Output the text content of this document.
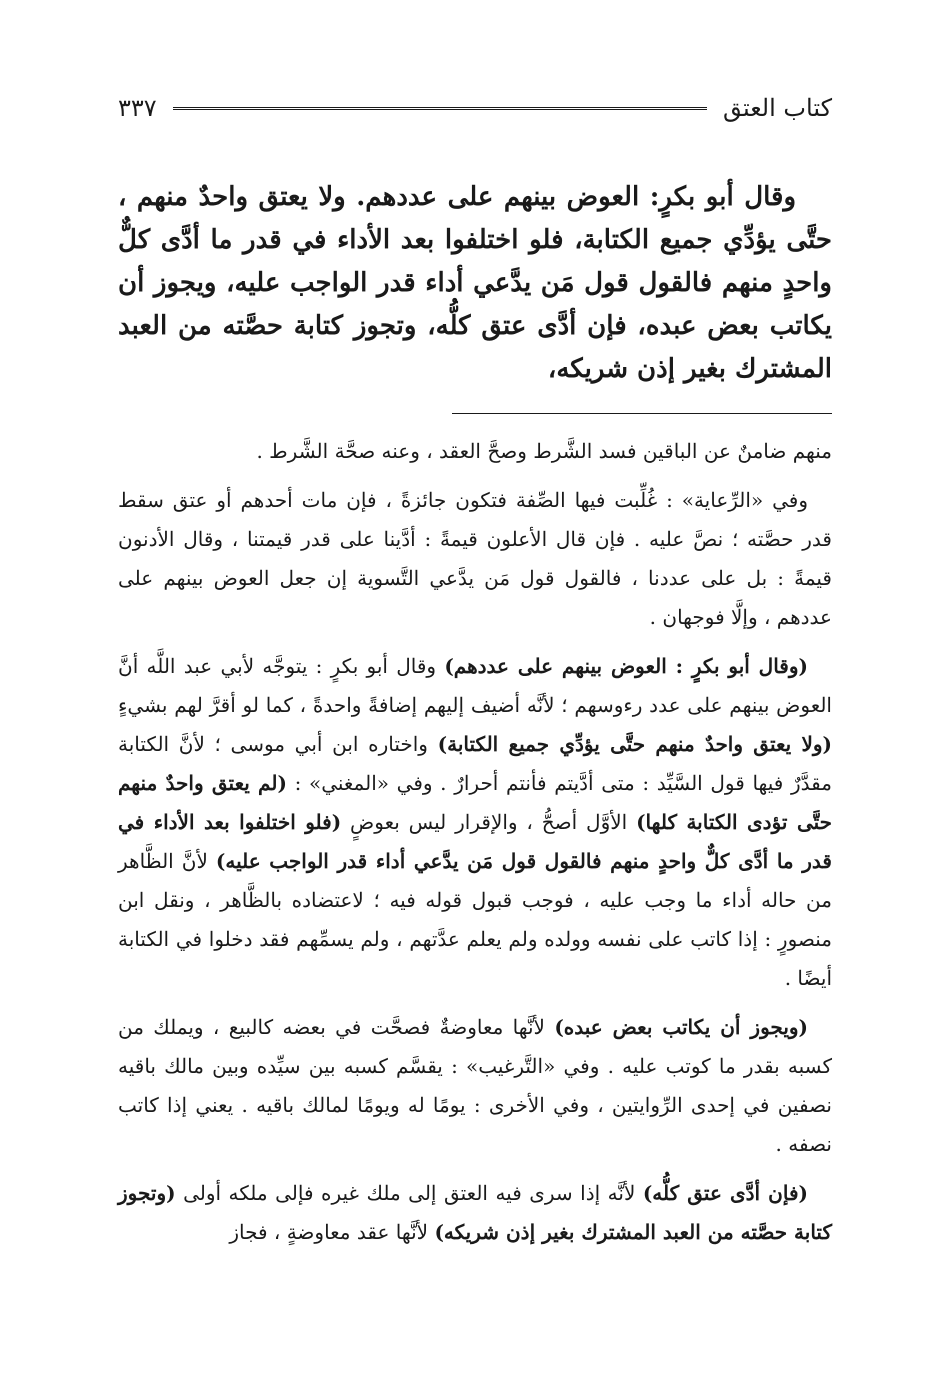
كتاب العتق
٣٣٧

وقال أبو بكرٍ: العوض بينهم على عددهم. ولا يعتق واحدٌ منهم ، حتَّى يؤدِّي جميع الكتابة، فلو اختلفوا بعد الأداء في قدر ما أدَّى كلٌّ واحدٍ منهم فالقول قول مَن يدَّعي أداء قدر الواجب عليه، ويجوز أن يكاتب بعض عبده، فإن أدَّى عتق كلُّه، وتجوز كتابة حصَّته من العبد المشترك بغير إذن شريكه،

منهم ضامنٌ عن الباقين فسد الشَّرط وصحَّ العقد ، وعنه صحَّة الشَّرط .

وفي «الرِّعاية» : غُلِّبت فيها الصِّفة فتكون جائزةً ، فإن مات أحدهم أو عتق سقط قدر حصَّته ؛ نصَّ عليه . فإن قال الأعلون قيمةً : أدَّينا على قدر قيمتنا ، وقال الأدنون قيمةً : بل على عددنا ، فالقول قول مَن يدَّعي التَّسوية إن جعل العوض بينهم على عددهم ، وإلَّا فوجهان .

(وقال أبو بكرٍ : العوض بينهم على عددهم) وقال أبو بكرٍ : يتوجَّه لأبي عبد اللَّه أنَّ العوض بينهم على عدد رءوسهم ؛ لأنَّه أضيف إليهم إضافةً واحدةً ، كما لو أقرَّ لهم بشيءٍ (ولا يعتق واحدٌ منهم حتَّى يؤدِّي جميع الكتابة) واختاره ابن أبي موسى ؛ لأنَّ الكتابة مقدَّرٌ فيها قول السَّيِّد : متى أدَّيتم فأنتم أحرارٌ . وفي «المغني» : (لم يعتق واحدٌ منهم حتَّى تؤدى الكتابة كلها) الأوَّل أصحُّ ، والإقرار ليس بعوضٍ (فلو اختلفوا بعد الأداء في قدر ما أدَّى كلٌّ واحدٍ منهم فالقول قول مَن يدَّعي أداء قدر الواجب عليه) لأنَّ الظَّاهر من حاله أداء ما وجب عليه ، فوجب قبول قوله فيه ؛ لاعتضاده بالظَّاهر ، ونقل ابن منصورٍ : إذا كاتب على نفسه وولده ولم يعلم عدَّتهم ، ولم يسمِّهم فقد دخلوا في الكتابة أيضًا .

(ويجوز أن يكاتب بعض عبده) لأنَّها معاوضةٌ فصحَّت في بعضه كالبيع ، ويملك من كسبه بقدر ما كوتب عليه . وفي «التَّرغيب» : يقسَّم كسبه بين سيِّده وبين مالك باقيه نصفين في إحدى الرِّوايتين ، وفي الأخرى : يومًا له ويومًا لمالك باقيه . يعني إذا كاتب نصفه .

(فإن أدَّى عتق كلُّه) لأنَّه إذا سرى فيه العتق إلى ملك غيره فإلى ملكه أولى (وتجوز كتابة حصَّته من العبد المشترك بغير إذن شريكه) لأنَّها عقد معاوضةٍ ، فجاز
